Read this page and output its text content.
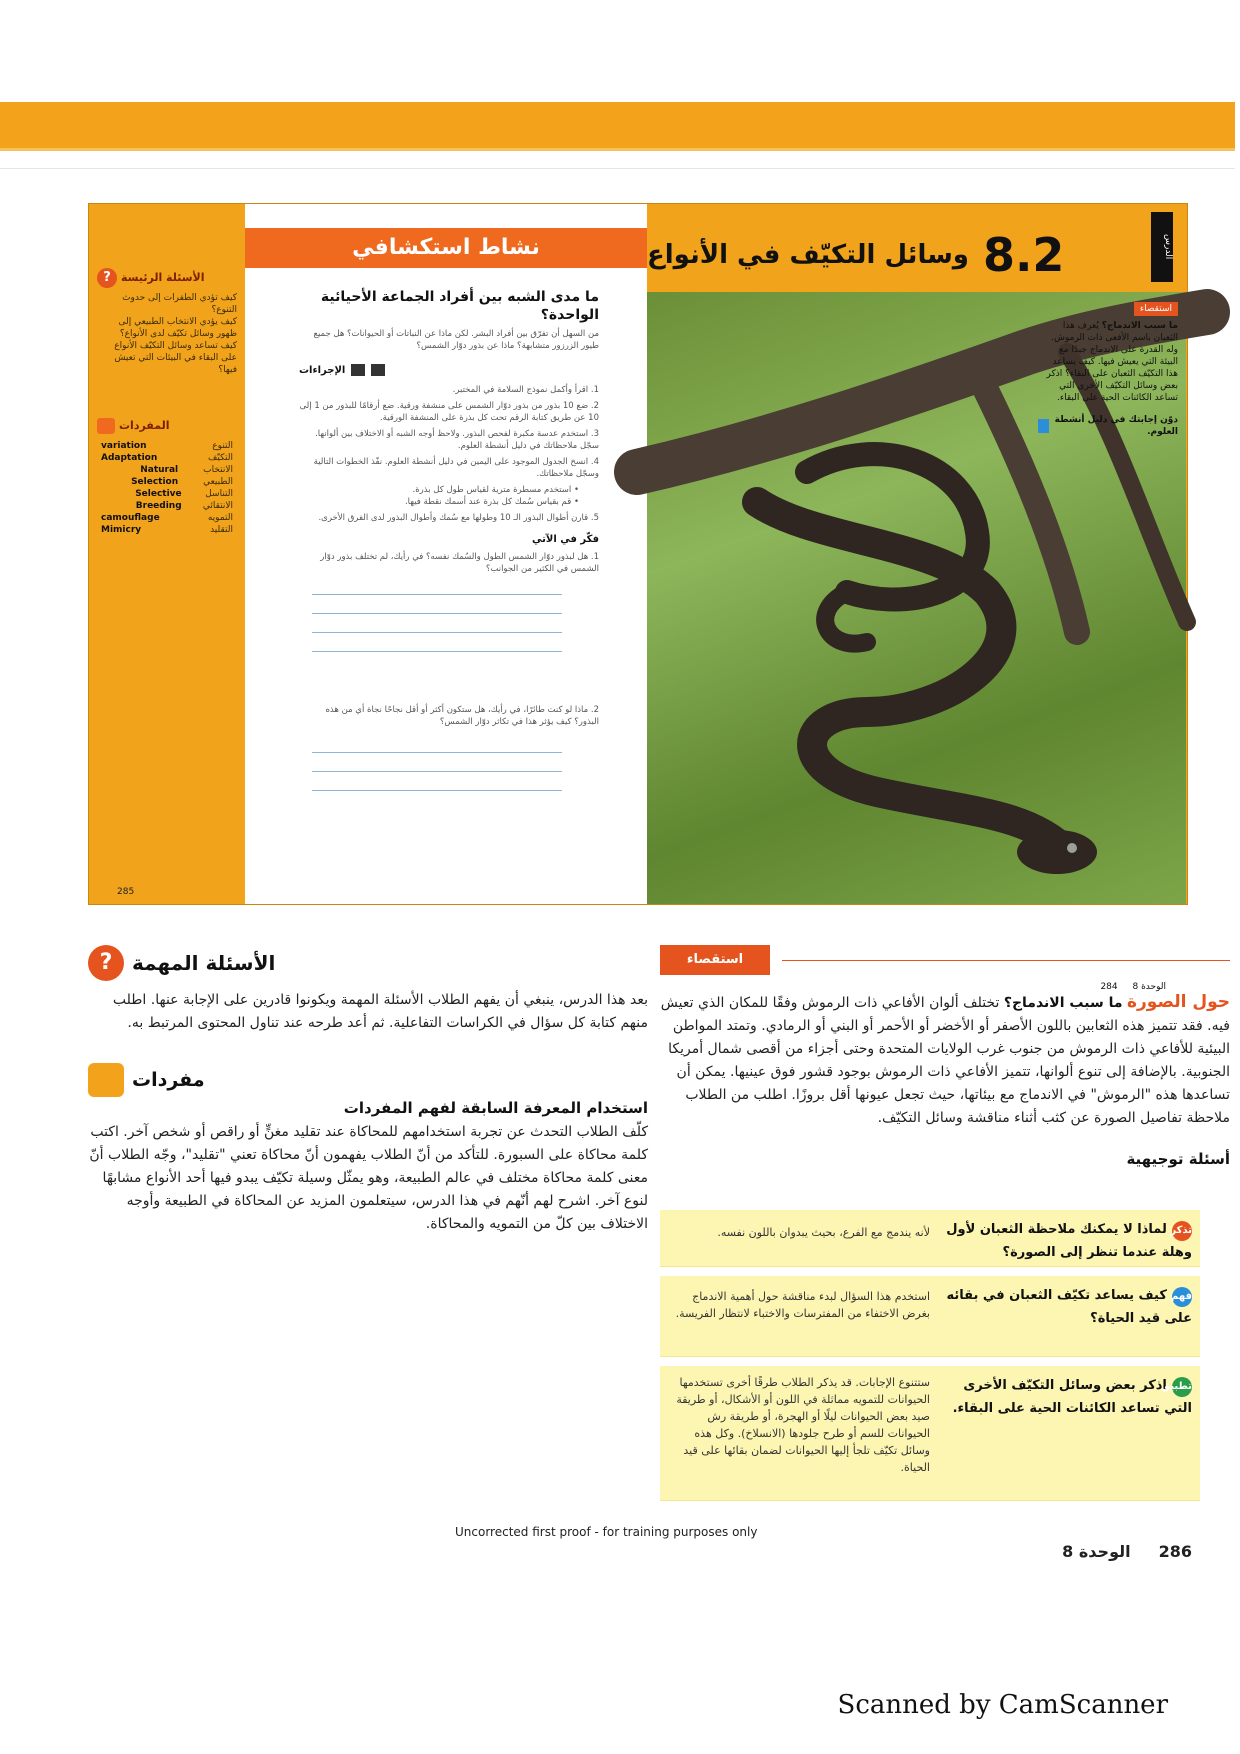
الأسئلة الرئيسة
?
كيف تؤدي الطفرات إلى حدوث التنوع؟
كيف يؤدي الانتخاب الطبيعي إلى ظهور وسائل تكيّف لدى الأنواع؟
كيف تساعد وسائل التكيّف الأنواع على البقاء في البيئات التي تعيش فيها؟
المفردات
variation	التنوع
Adaptation	التكيّف
Natural Selection
الانتخاب الطبيعي
Selective Breeding
التناسل الانتقائي
camouflage	التمويه
Mimicry	التقليد
285
نشاط استكشافي
ما مدى الشبه بين أفراد الجماعة الأحيائية الواحدة؟
من السهل أن تفرّق بين أفراد البشر. لكن ماذا عن النباتات أو الحيوانات؟ هل جميع طيور الزرزور متشابهة؟ ماذا عن بذور دوّار الشمس؟
الإجراءات
1. اقرأ وأكمل نموذج السلامة في المختبر.
2. ضع 10 بذور من بذور دوّار الشمس على منشفة ورقية. ضع أرقامًا للبذور من 1 إلى 10 عن طريق كتابة الرقم تحت كل بذرة على المنشفة الورقية.
3. استخدم عدسة مكبرة لفحص البذور. ولاحظ أوجه الشبه أو الاختلاف بين ألوانها. سجّل ملاحظاتك في دليل أنشطة العلوم.
4. انسخ الجدول الموجود على اليمين في دليل أنشطة العلوم. نفّذ الخطوات التالية وسجّل ملاحظاتك.
• استخدم مسطرة مترية لقياس طول كل بذرة.
• قم بقياس سُمك كل بذرة عند أسمك نقطة فيها.
5. قارن أطوال البذور الـ 10 وطولها مع سُمك وأطوال البذور لدى الفرق الأخرى.
فكّر في الآتي
1. هل لبذور دوّار الشمس الطول والسُمك نفسه؟ في رأيك، لم تختلف بذور دوّار الشمس في الكثير من الجوانب؟
2. ماذا لو كنت طائرًا، في رأيك، هل ستكون أكثر أو أقل نجاحًا نجاة أي من هذه البذور؟ كيف يؤثر هذا في تكاثر دوّار الشمس؟
الدرس
8.2
وسائل التكيّف في الأنواع
استقصاء
ما سبب الاندماج؟ يُعرف هذا الثعبان باسم الأفعى ذات الرموش. وله القدرة على الاندماج جيدًا مع البيئة التي يعيش فيها. كيف يساعد هذا التكيّف الثعبان على البقاء؟ اذكر بعض وسائل التكيّف الأخرى التي تساعد الكائنات الحية على البقاء.
دوّن إجابتك في دليل أنشطة العلوم.
الوحدة 8 284
استقصاء
حول الصورة ما سبب الاندماج؟ تختلف ألوان الأفاعي ذات الرموش وفقًا للمكان الذي تعيش فيه. فقد تتميز هذه الثعابين باللون الأصفر أو الأخضر أو الأحمر أو البني أو الرمادي. وتمتد المواطن البيئية للأفاعي ذات الرموش من جنوب غرب الولايات المتحدة وحتى أجزاء من أقصى شمال أمريكا الجنوبية. بالإضافة إلى تنوع ألوانها، تتميز الأفاعي ذات الرموش بوجود قشور فوق عينيها. يمكن أن تساعدها هذه "الرموش" في الاندماج مع بيئاتها، حيث تجعل عيونها أقل بروزًا. اطلب من الطلاب ملاحظة تفاصيل الصورة عن كثب أثناء مناقشة وسائل التكيّف.
أسئلة توجيهية
الأسئلة المهمة
?
بعد هذا الدرس، ينبغي أن يفهم الطلاب الأسئلة المهمة ويكونوا قادرين على الإجابة عنها. اطلب منهم كتابة كل سؤال في الكراسات التفاعلية. ثم أعد طرحه عند تناول المحتوى المرتبط به.
مفردات
استخدام المعرفة السابقة لفهم المفردات
كلّف الطلاب التحدث عن تجربة استخدامهم للمحاكاة عند تقليد مغنٍّ أو راقص أو شخص آخر. اكتب كلمة محاكاة على السبورة. للتأكد من أنّ الطلاب يفهمون أنّ محاكاة تعني "تقليد"، وجّه الطلاب أنّ معنى كلمة محاكاة مختلف في عالم الطبيعة، وهو يمثّل وسيلة تكيّف يبدو فيها أحد الأنواع مشابهًا لنوع آخر. اشرح لهم أنّهم في هذا الدرس، سيتعلمون المزيد عن المحاكاة في الطبيعة وأوجه الاختلاف بين كلّ من التمويه والمحاكاة.	تذكر لماذا لا يمكنك ملاحظة الثعبان لأول وهلة عندما تنظر إلى الصورة؟
لأنه يندمج مع الفرع، بحيث يبدوان باللون نفسه.
فهم كيف يساعد تكيّف الثعبان في بقائه على قيد الحياة؟
استخدم هذا السؤال لبدء مناقشة حول أهمية الاندماج بغرض الاختفاء من المفترسات والاختباء لانتظار الفريسة.
تطبيق اذكر بعض وسائل التكيّف الأخرى التي تساعد الكائنات الحية على البقاء.
ستتنوع الإجابات. قد يذكر الطلاب طرقًا أخرى تستخدمها الحيوانات للتمويه مماثلة في اللون أو الأشكال، أو طريقة صيد بعض الحيوانات ليلًا أو الهجرة، أو طريقة رش الحيوانات للسم أو طرح جلودها (الانسلاخ). وكل هذه وسائل تكيّف تلجأ إليها الحيوانات لضمان بقائها على قيد الحياة.
Uncorrected first proof - for training purposes only
286
الوحدة 8
Scanned by CamScanner
